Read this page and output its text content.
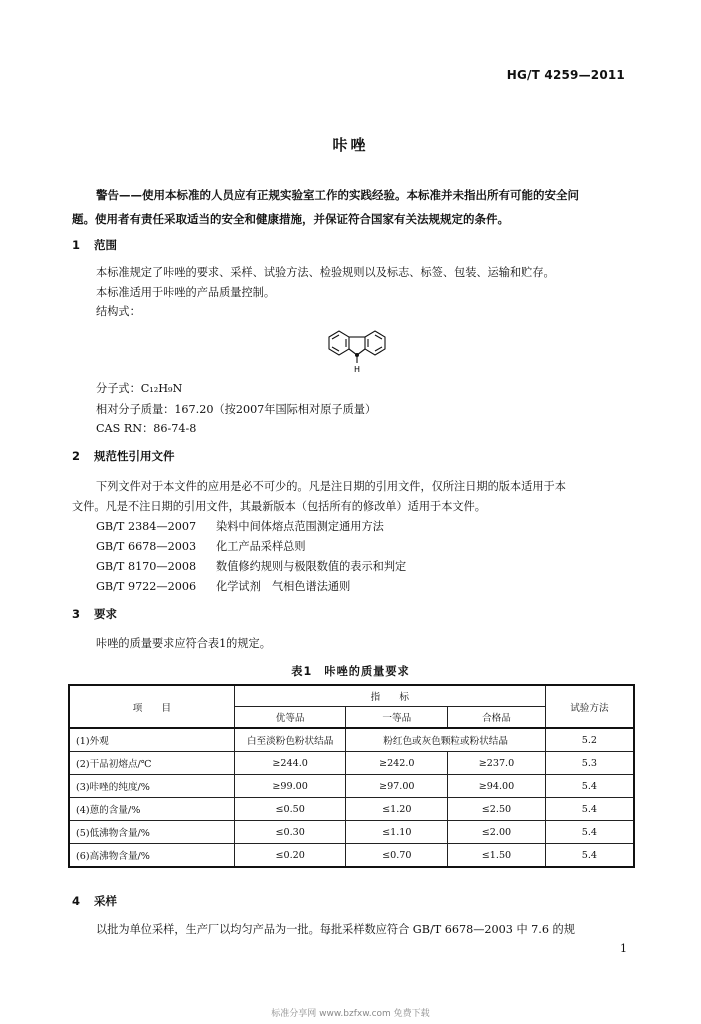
HG/T 4259—2011
咔唑
警告——使用本标准的人员应有正规实验室工作的实践经验。本标准并未指出所有可能的安全问
题。使用者有责任采取适当的安全和健康措施，并保证符合国家有关法规规定的条件。
1 范围
本标准规定了咔唑的要求、采样、试验方法、检验规则以及标志、标签、包装、运输和贮存。
本标准适用于咔唑的产品质量控制。
结构式：
H
分子式：C₁₂H₉N
相对分子质量：167.20（按2007年国际相对原子质量）
CAS RN：86-74-8
2 规范性引用文件
下列文件对于本文件的应用是必不可少的。凡是注日期的引用文件，仅所注日期的版本适用于本
文件。凡是不注日期的引用文件，其最新版本（包括所有的修改单）适用于本文件。
GB/T 2384—2007 染料中间体熔点范围测定通用方法
GB/T 6678—2003 化工产品采样总则
GB/T 8170—2008 数值修约规则与极限数值的表示和判定
GB/T 9722—2006 化学试剂　气相色谱法通则
3 要求
咔唑的质量要求应符合表1的规定。
表1　咔唑的质量要求
项　　目	指　　标			试验方法
	优等品	一等品	合格品	
(1)外观	白至淡粉色粉状结晶	粉红色或灰色颗粒或粉状结晶		5.2
(2)干品初熔点/℃	≥244.0	≥242.0	≥237.0	5.3
(3)咔唑的纯度/%	≥99.00	≥97.00	≥94.00	5.4
(4)蒽的含量/%	≤0.50	≤1.20	≤2.50	5.4
(5)低沸物含量/%	≤0.30	≤1.10	≤2.00	5.4
(6)高沸物含量/%	≤0.20	≤0.70	≤1.50	5.4
4 采样
以批为单位采样，生产厂以均匀产品为一批。每批采样数应符合 GB/T 6678—2003 中 7.6 的规
1
标准分享网 www.bzfxw.com 免费下载
